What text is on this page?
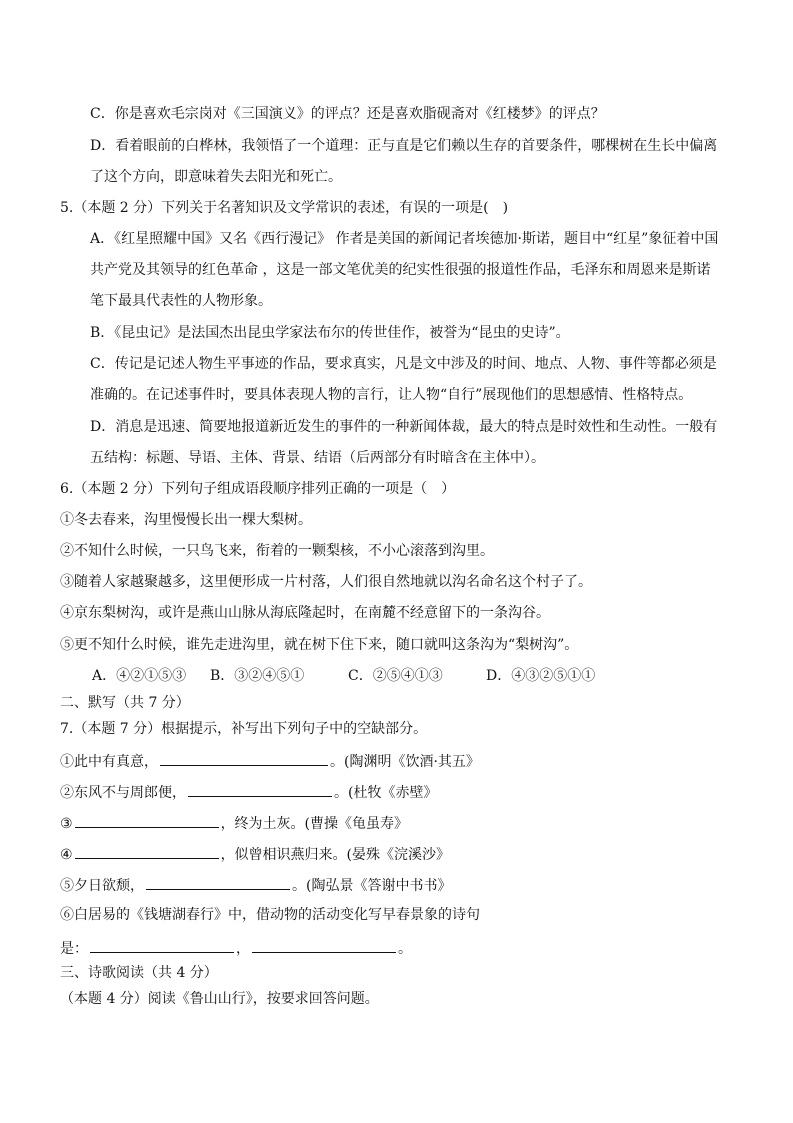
C．你是喜欢毛宗岗对《三国演义》的评点？还是喜欢脂砚斋对《红楼梦》的评点？
D．看着眼前的白桦林，我领悟了一个道理：正与直是它们赖以生存的首要条件，哪棵树在生长中偏离
了这个方向，即意味着失去阳光和死亡。
5.（本题 2 分）下列关于名著知识及文学常识的表述，有误的一项是(　)
A．《红星照耀中国》又名《西行漫记》 作者是美国的新闻记者埃德加·斯诺，题目中“红星”象征着中国
共产党及其领导的红色革命 ，这是一部文笔优美的纪实性很强的报道性作品，毛泽东和周恩来是斯诺
笔下最具代表性的人物形象。
B．《昆虫记》是法国杰出昆虫学家法布尔的传世佳作，被誉为“昆虫的史诗”。
C．传记是记述人物生平事迹的作品，要求真实，凡是文中涉及的时间、地点、人物、事件等都必须是
准确的。在记述事件时，要具体表现人物的言行，让人物“自行”展现他们的思想感情、性格特点。
D．消息是迅速、简要地报道新近发生的事件的一种新闻体裁，最大的特点是时效性和生动性。一般有
五结构：标题、导语、主体、背景、结语（后两部分有时暗含在主体中）。
6.（本题 2 分）下列句子组成语段顺序排列正确的一项是（　）
①冬去春来，沟里慢慢长出一棵大梨树。
②不知什么时候，一只鸟飞来，衔着的一颗梨核，不小心滚落到沟里。
③随着人家越聚越多，这里便形成一片村落，人们很自然地就以沟名命名这个村子了。
④京东梨树沟，或许是燕山山脉从海底隆起时，在南麓不经意留下的一条沟谷。
⑤更不知什么时候，谁先走进沟里，就在树下住下来，随口就叫这条沟为“梨树沟”。
A．④②①⑤③ B．③②④⑤①	C．②⑤④①③	D．④③②⑤①①
二、默写（共 7 分）
7.（本题 7 分）根据提示，补写出下列句子中的空缺部分。
①此中有真意，	。(陶渊明《饮酒·其五》
②东风不与周郎便，	。(杜牧《赤壁》
③	，终为土灰。(曹操《龟虽寿》
④	，似曾相识燕归来。(晏殊《浣溪沙》
⑤夕日欲颓，	。(陶弘景《答谢中书书》
⑥白居易的《钱塘湖春行》中，借动物的活动变化写早春景象的诗句
是：	，	。
三、诗歌阅读（共 4 分）
（本题 4 分）阅读《鲁山山行》，按要求回答问题。
